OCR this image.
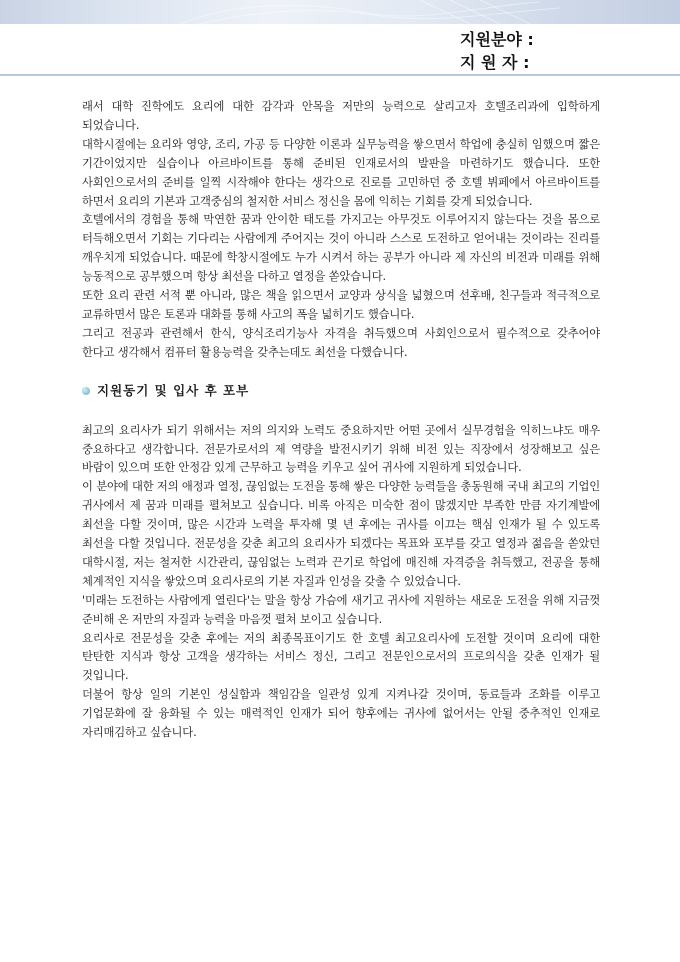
지원분야 :
지 원 자 :

래서 대학 진학에도 요리에 대한 감각과 안목을 저만의 능력으로 살리고자 호텔조리과에 입학하게 되었습니다.

대학시절에는 요리와 영양, 조리, 가공 등 다양한 이론과 실무능력을 쌓으면서 학업에 충실히 임했으며 짧은 기간이었지만 실습이나 아르바이트를 통해 준비된 인재로서의 발판을 마련하기도 했습니다. 또한 사회인으로서의 준비를 일찍 시작해야 한다는 생각으로 진로를 고민하던 중 호텔 뷔페에서 아르바이트를 하면서 요리의 기본과 고객중심의 철저한 서비스 정신을 몸에 익히는 기회를 갖게 되었습니다.

호텔에서의 경험을 통해 막연한 꿈과 안이한 태도를 가지고는 아무것도 이루어지지 않는다는 것을 몸으로 터득해오면서 기회는 기다리는 사람에게 주어지는 것이 아니라 스스로 도전하고 얻어내는 것이라는 진리를 깨우치게 되었습니다. 때문에 학창시절에도 누가 시켜서 하는 공부가 아니라 제 자신의 비전과 미래를 위해 능동적으로 공부했으며 항상 최선을 다하고 열정을 쏟았습니다.

또한 요리 관련 서적 뿐 아니라, 많은 책을 읽으면서 교양과 상식을 넓혔으며 선후배, 친구들과 적극적으로 교류하면서 많은 토론과 대화를 통해 사고의 폭을 넓히기도 했습니다.

그리고 전공과 관련해서 한식, 양식조리기능사 자격을 취득했으며 사회인으로서 필수적으로 갖추어야 한다고 생각해서 컴퓨터 활용능력을 갖추는데도 최선을 다했습니다.

지원동기 및 입사 후 포부

최고의 요리사가 되기 위해서는 저의 의지와 노력도 중요하지만 어떤 곳에서 실무경험을 익히느냐도 매우 중요하다고 생각합니다. 전문가로서의 제 역량을 발전시키기 위해 비전 있는 직장에서 성장해보고 싶은 바람이 있으며 또한 안정감 있게 근무하고 능력을 키우고 싶어 귀사에 지원하게 되었습니다.

이 분야에 대한 저의 애정과 열정, 끊임없는 도전을 통해 쌓은 다양한 능력들을 총동원해 국내 최고의 기업인 귀사에서 제 꿈과 미래를 펼쳐보고 싶습니다. 비록 아직은 미숙한 점이 많겠지만 부족한 만큼 자기계발에 최선을 다할 것이며, 많은 시간과 노력을 투자해 몇 년 후에는 귀사를 이끄는 핵심 인재가 될 수 있도록 최선을 다할 것입니다. 전문성을 갖춘 최고의 요리사가 되겠다는 목표와 포부를 갖고 열정과 젊음을 쏟았던 대학시절, 저는 철저한 시간관리, 끊임없는 노력과 끈기로 학업에 매진해 자격증을 취득했고, 전공을 통해 체계적인 지식을 쌓았으며 요리사로의 기본 자질과 인성을 갖출 수 있었습니다.

'미래는 도전하는 사람에게 열린다'는 말을 항상 가슴에 새기고 귀사에 지원하는 새로운 도전을 위해 지금껏 준비해 온 저만의 자질과 능력을 마음껏 펼쳐 보이고 싶습니다.

요리사로 전문성을 갖춘 후에는 저의 최종목표이기도 한 호텔 최고요리사에 도전할 것이며 요리에 대한 탄탄한 지식과 항상 고객을 생각하는 서비스 정신, 그리고 전문인으로서의 프로의식을 갖춘 인재가 될 것입니다.

더불어 항상 일의 기본인 성실함과 책임감을 일관성 있게 지켜나갈 것이며, 동료들과 조화를 이루고 기업문화에 잘 융화될 수 있는 매력적인 인재가 되어 향후에는 귀사에 없어서는 안될 중추적인 인재로 자리매김하고 싶습니다.
